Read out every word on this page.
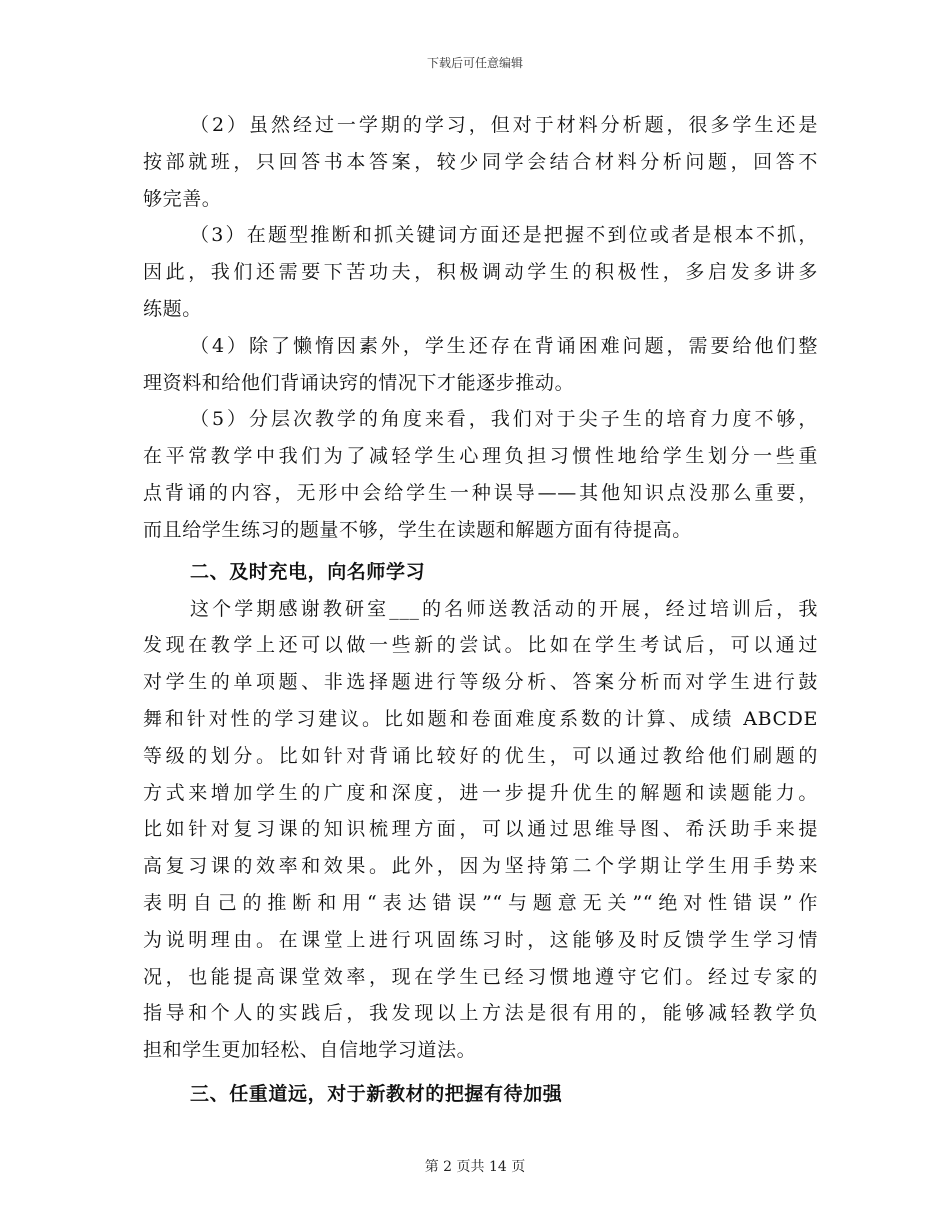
下载后可任意编辑
（2）虽然经过一学期的学习，但对于材料分析题，很多学生还是
按部就班，只回答书本答案，较少同学会结合材料分析问题，回答不
够完善。
（3）在题型推断和抓关键词方面还是把握不到位或者是根本不抓，
因此，我们还需要下苦功夫，积极调动学生的积极性，多启发多讲多
练题。
（4）除了懒惰因素外，学生还存在背诵困难问题，需要给他们整
理资料和给他们背诵诀窍的情况下才能逐步推动。
（5）分层次教学的角度来看，我们对于尖子生的培育力度不够，
在平常教学中我们为了减轻学生心理负担习惯性地给学生划分一些重
点背诵的内容，无形中会给学生一种误导——其他知识点没那么重要，
而且给学生练习的题量不够，学生在读题和解题方面有待提高。
二、及时充电，向名师学习
这个学期感谢教研室___的名师送教活动的开展，经过培训后，我
发现在教学上还可以做一些新的尝试。比如在学生考试后，可以通过
对学生的单项题、非选择题进行等级分析、答案分析而对学生进行鼓
舞和针对性的学习建议。比如题和卷面难度系数的计算、成绩 ABCDE
等级的划分。比如针对背诵比较好的优生，可以通过教给他们刷题的
方式来增加学生的广度和深度，进一步提升优生的解题和读题能力。
比如针对复习课的知识梳理方面，可以通过思维导图、希沃助手来提
高复习课的效率和效果。此外，因为坚持第二个学期让学生用手势来
表明自己的推断和用“表达错误”“与题意无关”“绝对性错误”作
为说明理由。在课堂上进行巩固练习时，这能够及时反馈学生学习情
况，也能提高课堂效率，现在学生已经习惯地遵守它们。经过专家的
指导和个人的实践后，我发现以上方法是很有用的，能够减轻教学负
担和学生更加轻松、自信地学习道法。
三、任重道远，对于新教材的把握有待加强
第 2 页共 14 页
